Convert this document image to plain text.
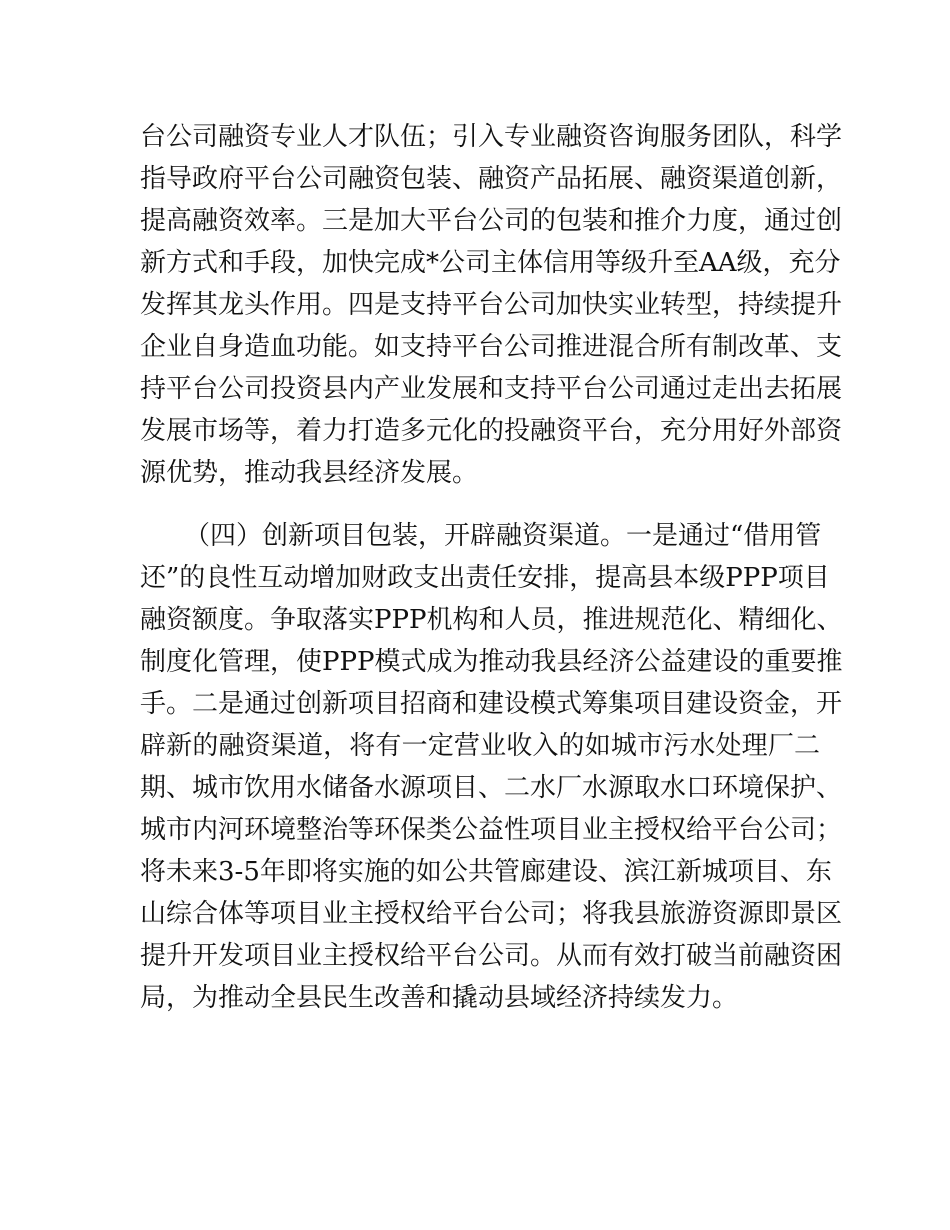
台公司融资专业人才队伍；引入专业融资咨询服务团队，科学
指导政府平台公司融资包装、融资产品拓展、融资渠道创新，
提高融资效率。三是加大平台公司的包装和推介力度，通过创
新方式和手段，加快完成*公司主体信用等级升至AA级，充分
发挥其龙头作用。四是支持平台公司加快实业转型，持续提升
企业自身造血功能。如支持平台公司推进混合所有制改革、支
持平台公司投资县内产业发展和支持平台公司通过走出去拓展
发展市场等，着力打造多元化的投融资平台，充分用好外部资
源优势，推动我县经济发展。
（四）创新项目包装，开辟融资渠道。一是通过“借用管
还”的良性互动增加财政支出责任安排，提高县本级PPP项目
融资额度。争取落实PPP机构和人员，推进规范化、精细化、
制度化管理，使PPP模式成为推动我县经济公益建设的重要推
手。二是通过创新项目招商和建设模式筹集项目建设资金，开
辟新的融资渠道，将有一定营业收入的如城市污水处理厂二
期、城市饮用水储备水源项目、二水厂水源取水口环境保护、
城市内河环境整治等环保类公益性项目业主授权给平台公司；
将未来3-5年即将实施的如公共管廊建设、滨江新城项目、东
山综合体等项目业主授权给平台公司；将我县旅游资源即景区
提升开发项目业主授权给平台公司。从而有效打破当前融资困
局，为推动全县民生改善和撬动县域经济持续发力。
